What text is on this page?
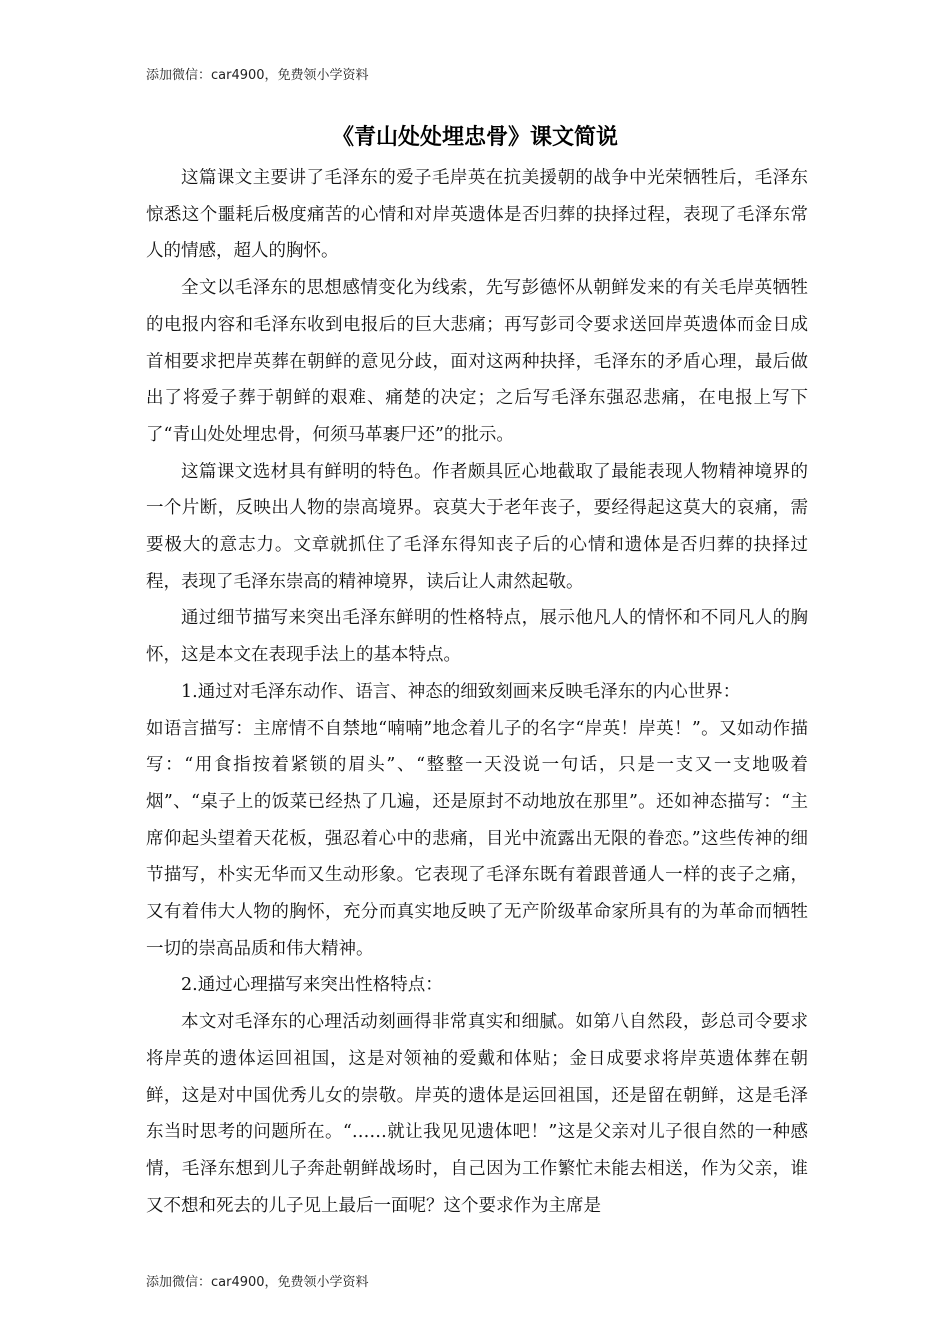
添加微信：car4900，免费领小学资料
《青山处处埋忠骨》课文简说

这篇课文主要讲了毛泽东的爱子毛岸英在抗美援朝的战争中光荣牺牲后，毛泽东惊悉这个噩耗后极度痛苦的心情和对岸英遗体是否归葬的抉择过程，表现了毛泽东常人的情感，超人的胸怀。

全文以毛泽东的思想感情变化为线索，先写彭德怀从朝鲜发来的有关毛岸英牺牲的电报内容和毛泽东收到电报后的巨大悲痛；再写彭司令要求送回岸英遗体而金日成首相要求把岸英葬在朝鲜的意见分歧，面对这两种抉择，毛泽东的矛盾心理，最后做出了将爱子葬于朝鲜的艰难、痛楚的决定；之后写毛泽东强忍悲痛，在电报上写下了“青山处处埋忠骨，何须马革裹尸还”的批示。

这篇课文选材具有鲜明的特色。作者颇具匠心地截取了最能表现人物精神境界的一个片断，反映出人物的崇高境界。哀莫大于老年丧子，要经得起这莫大的哀痛，需要极大的意志力。文章就抓住了毛泽东得知丧子后的心情和遗体是否归葬的抉择过程，表现了毛泽东崇高的精神境界，读后让人肃然起敬。

通过细节描写来突出毛泽东鲜明的性格特点，展示他凡人的情怀和不同凡人的胸怀，这是本文在表现手法上的基本特点。

1.通过对毛泽东动作、语言、神态的细致刻画来反映毛泽东的内心世界：

如语言描写：主席情不自禁地“喃喃”地念着儿子的名字“岸英！岸英！”。又如动作描写：“用食指按着紧锁的眉头”、“整整一天没说一句话，只是一支又一支地吸着烟”、“桌子上的饭菜已经热了几遍，还是原封不动地放在那里”。还如神态描写：“主席仰起头望着天花板，强忍着心中的悲痛，目光中流露出无限的眷恋。”这些传神的细节描写，朴实无华而又生动形象。它表现了毛泽东既有着跟普通人一样的丧子之痛，又有着伟大人物的胸怀，充分而真实地反映了无产阶级革命家所具有的为革命而牺牲一切的崇高品质和伟大精神。

2.通过心理描写来突出性格特点：

本文对毛泽东的心理活动刻画得非常真实和细腻。如第八自然段，彭总司令要求将岸英的遗体运回祖国，这是对领袖的爱戴和体贴；金日成要求将岸英遗体葬在朝鲜，这是对中国优秀儿女的崇敬。岸英的遗体是运回祖国，还是留在朝鲜，这是毛泽东当时思考的问题所在。“……就让我见见遗体吧！”这是父亲对儿子很自然的一种感情，毛泽东想到儿子奔赴朝鲜战场时，自己因为工作繁忙未能去相送，作为父亲，谁又不想和死去的儿子见上最后一面呢？这个要求作为主席是

添加微信：car4900，免费领小学资料
